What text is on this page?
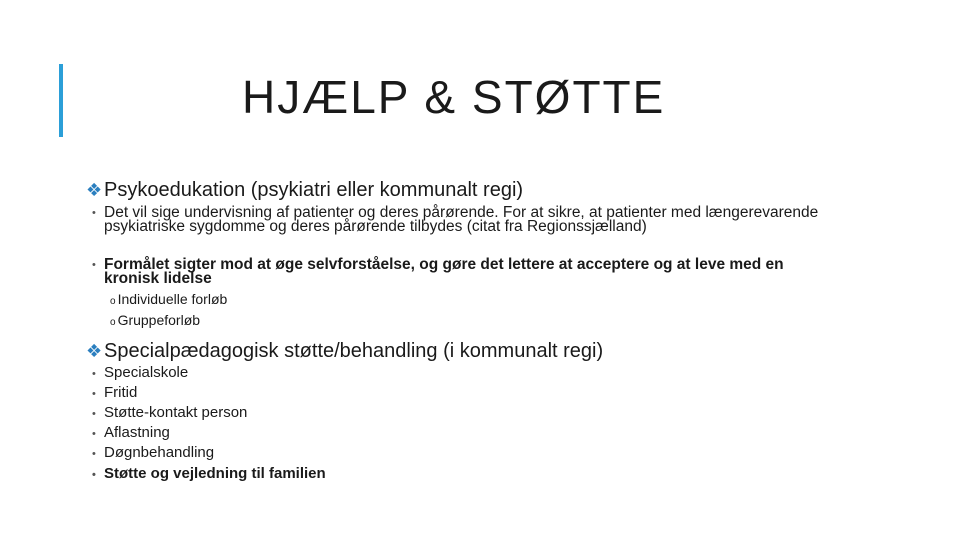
HJÆLP & STØTTE
❖ Psykoedukation (psykiatri eller kommunalt regi)
• Det vil sige undervisning af patienter og deres pårørende. For at sikre, at patienter med længerevarende psykiatriske sygdomme og deres pårørende tilbydes (citat fra Regionssjælland)
• Formålet sigter mod at øge selvforståelse, og gøre det lettere at acceptere og at leve med en kronisk lidelse
o Individuelle forløb
o Gruppeforløb
❖ Specialpædagogisk støtte/behandling (i kommunalt regi)
• Specialskole
• Fritid
• Støtte-kontakt person
• Aflastning
• Døgnbehandling
• Støtte og vejledning til familien
